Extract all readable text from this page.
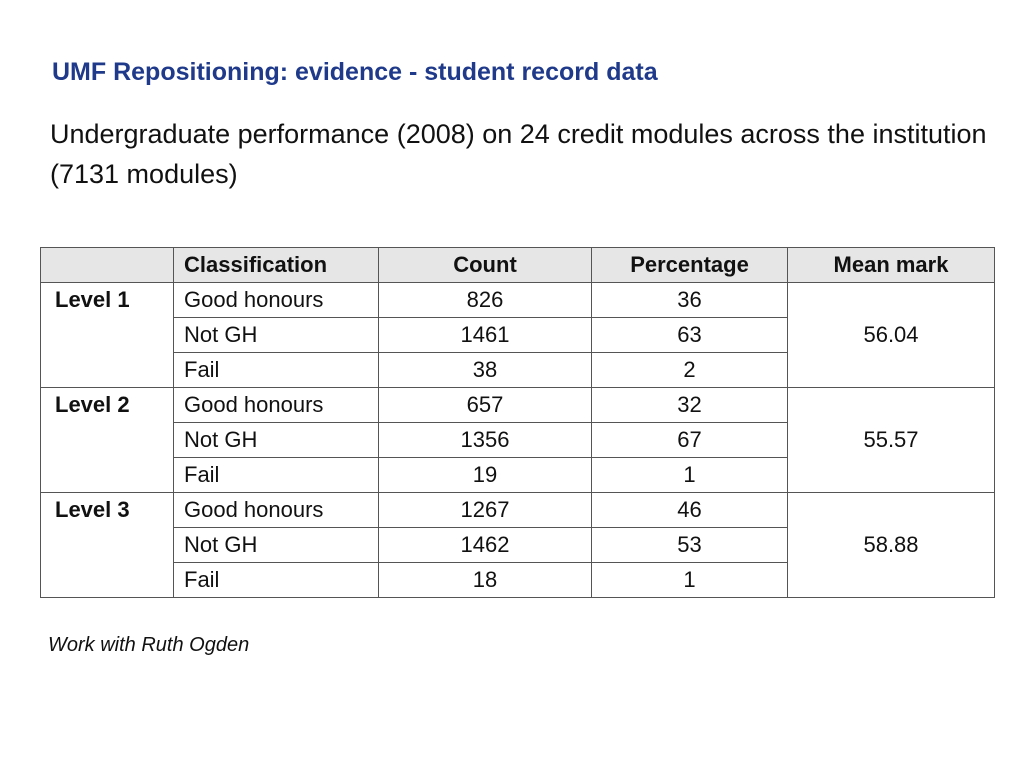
UMF Repositioning: evidence - student record data

Undergraduate performance (2008) on 24 credit modules across the institution (7131 modules)

	Classification	Count	Percentage	Mean mark
Level 1	Good honours	826	36	56.04
	Not GH	1461	63	
	Fail	38	2	
Level 2	Good honours	657	32	55.57
	Not GH	1356	67	
	Fail	19	1	
Level 3	Good honours	1267	46	58.88
	Not GH	1462	53	
	Fail	18	1	

Work with Ruth Ogden
